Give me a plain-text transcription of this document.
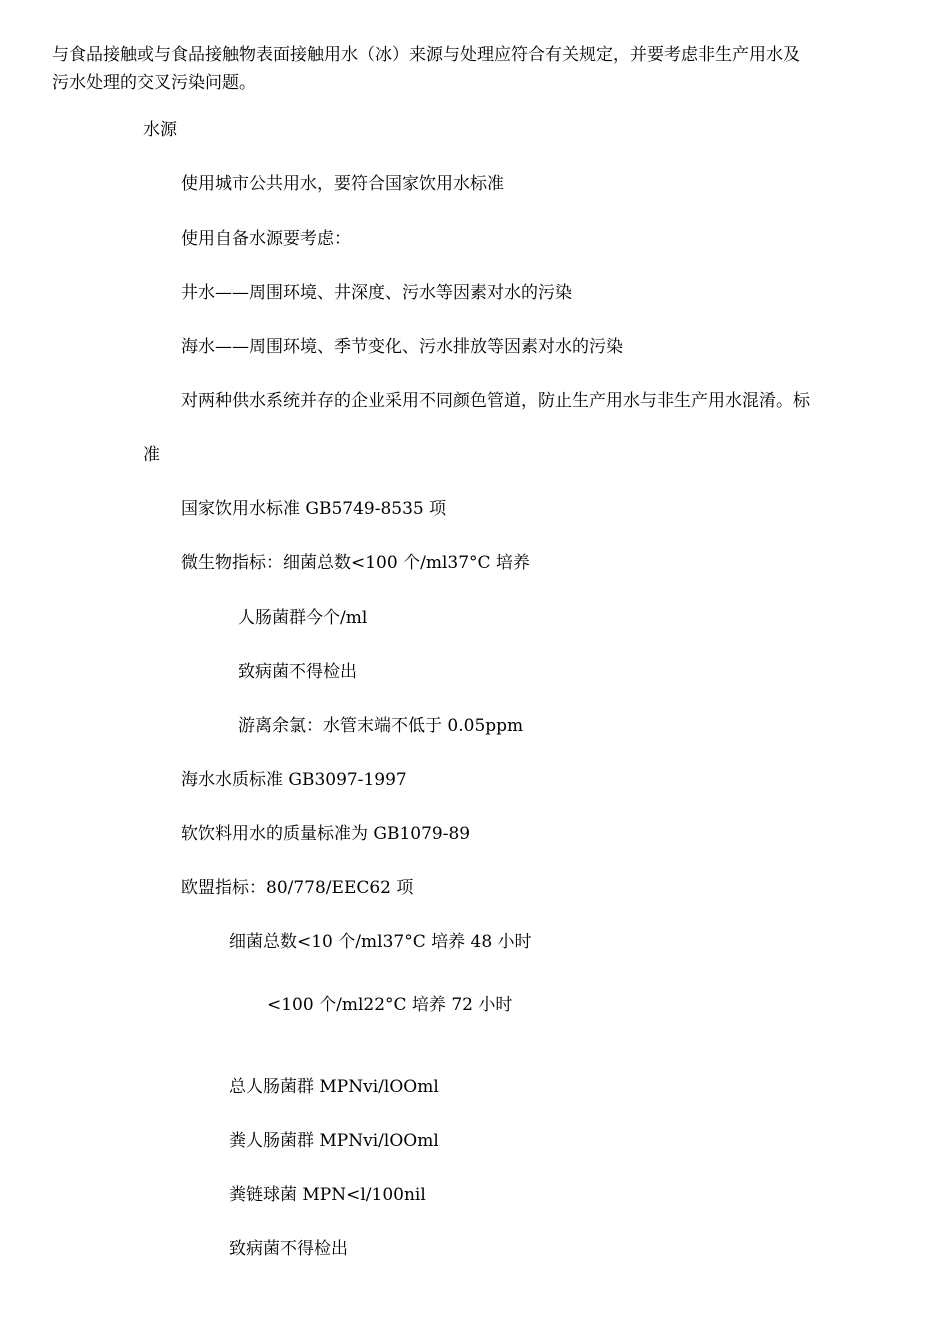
与食品接触或与食品接触物表面接触用水（冰）来源与处理应符合有关规定，并要考虑非生产用水及
污水处理的交叉污染问题。
水源
使用城市公共用水，要符合国家饮用水标准
使用自备水源要考虑：
井水——周围环境、井深度、污水等因素对水的污染
海水——周围环境、季节变化、污水排放等因素对水的污染
对两种供水系统并存的企业采用不同颜色管道，防止生产用水与非生产用水混淆。标
准
国家饮用水标准 GB5749-8535 项
微生物指标：细菌总数<100 个/ml37°C 培养
人肠菌群今个/ml
致病菌不得检出
游离余氯：水管末端不低于 0.05ppm
海水水质标准 GB3097-1997
软饮料用水的质量标准为 GB1079-89
欧盟指标：80/778/EEC62 项
细菌总数<10 个/ml37°C 培养 48 小时
<100 个/ml22°C 培养 72 小时
总人肠菌群 MPNvi/lOOml
粪人肠菌群 MPNvi/lOOml
粪链球菌 MPN<l/100nil
致病菌不得检出
